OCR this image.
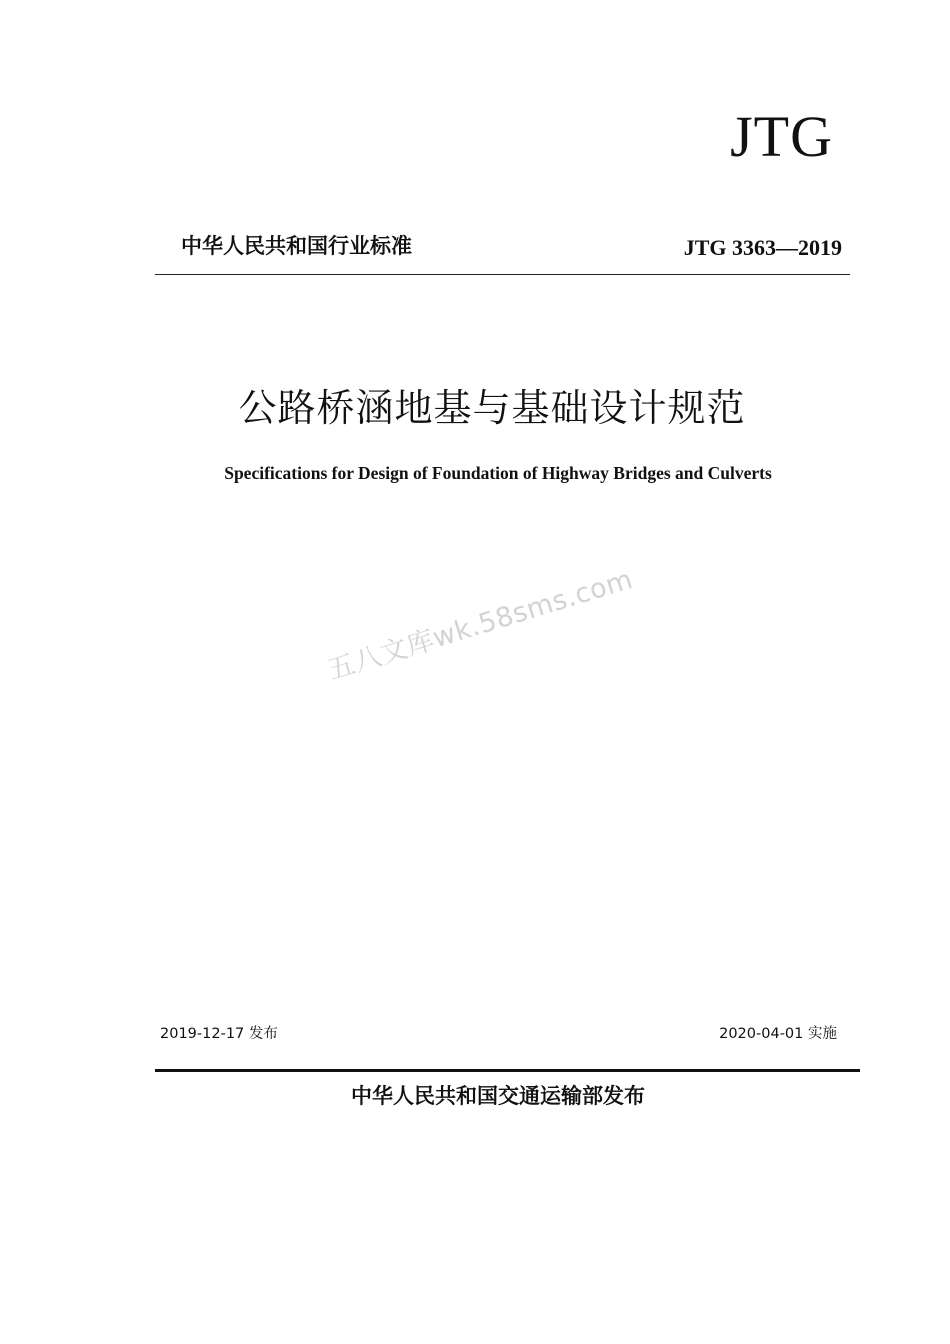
JTG
中华人民共和国行业标准	JTG 3363—2019
公路桥涵地基与基础设计规范
Specifications for Design of Foundation of Highway Bridges and Culverts
五八文库wk.58sms.com
2019-12-17 发布	2020-04-01 实施
中华人民共和国交通运输部发布
